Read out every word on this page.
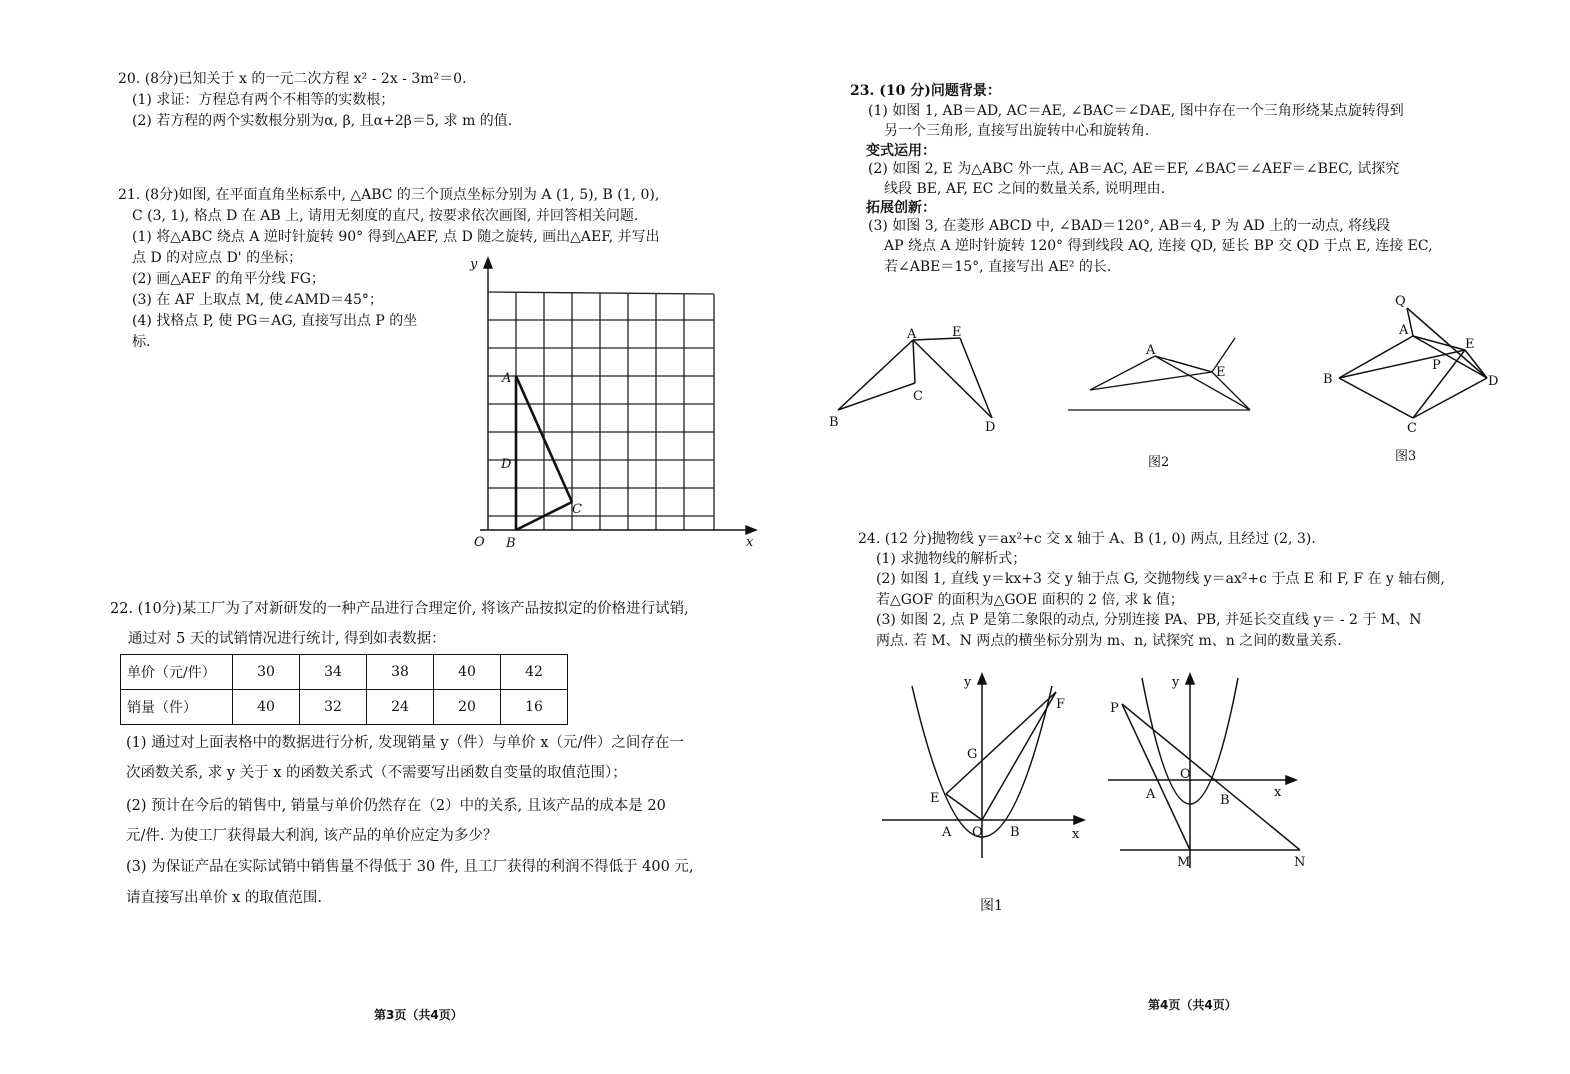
20. (8分)已知关于 x 的一元二次方程 x² - 2x - 3m²＝0.
(1) 求证：方程总有两个不相等的实数根；
(2) 若方程的两个实数根分别为α, β, 且α+2β＝5, 求 m 的值.
21. (8分)如图, 在平面直角坐标系中, △ABC 的三个顶点坐标分别为 A (1, 5), B (1, 0),
C (3, 1), 格点 D 在 AB 上, 请用无刻度的直尺, 按要求依次画图, 并回答相关问题.
(1) 将△ABC 绕点 A 逆时针旋转 90° 得到△AEF, 点 D 随之旋转, 画出△AEF, 并写出
点 D 的对应点 D' 的坐标；
(2) 画△AEF 的角平分线 FG；
(3) 在 AF 上取点 M, 使∠AMD＝45°；
(4) 找格点 P, 使 PG＝AG, 直接写出点 P 的坐
标.
y
x
O
A
B
C
D
22. (10分)某工厂为了对新研发的一种产品进行合理定价, 将该产品按拟定的价格进行试销,
通过对 5 天的试销情况进行统计, 得到如表数据：
单价（元/件）	30	34	38	40	42
销量（件）	40	32	24	20	16
(1) 通过对上面表格中的数据进行分析, 发现销量 y（件）与单价 x（元/件）之间存在一
次函数关系, 求 y 关于 x 的函数关系式（不需要写出函数自变量的取值范围）；
(2) 预计在今后的销售中, 销量与单价仍然存在（2）中的关系, 且该产品的成本是 20
元/件. 为使工厂获得最大利润, 该产品的单价应定为多少？
(3) 为保证产品在实际试销中销售量不得低于 30 件, 且工厂获得的利润不得低于 400 元,
请直接写出单价 x 的取值范围.
第3页（共4页）
23. (10 分)问题背景：
(1) 如图 1, AB＝AD, AC＝AE, ∠BAC＝∠DAE, 图中存在一个三角形绕某点旋转得到
另一个三角形, 直接写出旋转中心和旋转角.
变式运用：
(2) 如图 2, E 为△ABC 外一点, AB＝AC, AE＝EF, ∠BAC＝∠AEF＝∠BEC, 试探究
线段 BE, AF, EC 之间的数量关系, 说明理由.
拓展创新：
(3) 如图 3, 在菱形 ABCD 中, ∠BAD＝120°, AB＝4, P 为 AD 上的一动点, 将线段
AP 绕点 A 逆时针旋转 120° 得到线段 AQ, 连接 QD, 延长 BP 交 QD 于点 E, 连接 EC,
若∠ABE＝15°, 直接写出 AE² 的长.
A	E
C
B	D
A
E
图2
Q
A
E
P
B	D
C
图3
24. (12 分)抛物线 y＝ax²+c 交 x 轴于 A、B (1, 0) 两点, 且经过 (2, 3).
(1) 求抛物线的解析式；
(2) 如图 1, 直线 y＝kx+3 交 y 轴于点 G, 交抛物线 y＝ax²+c 于点 E 和 F, F 在 y 轴右侧,
若△GOF 的面积为△GOE 面积的 2 倍, 求 k 值；
(3) 如图 2, 点 P 是第二象限的动点, 分别连接 PA、PB, 并延长交直线 y＝ - 2 于 M、N
两点. 若 M、N 两点的横坐标分别为 m、n, 试探究 m、n 之间的数量关系.
y
x
F
G
E
A O B
图1
y
x
P
O
A	B
M	N
第4页（共4页）
